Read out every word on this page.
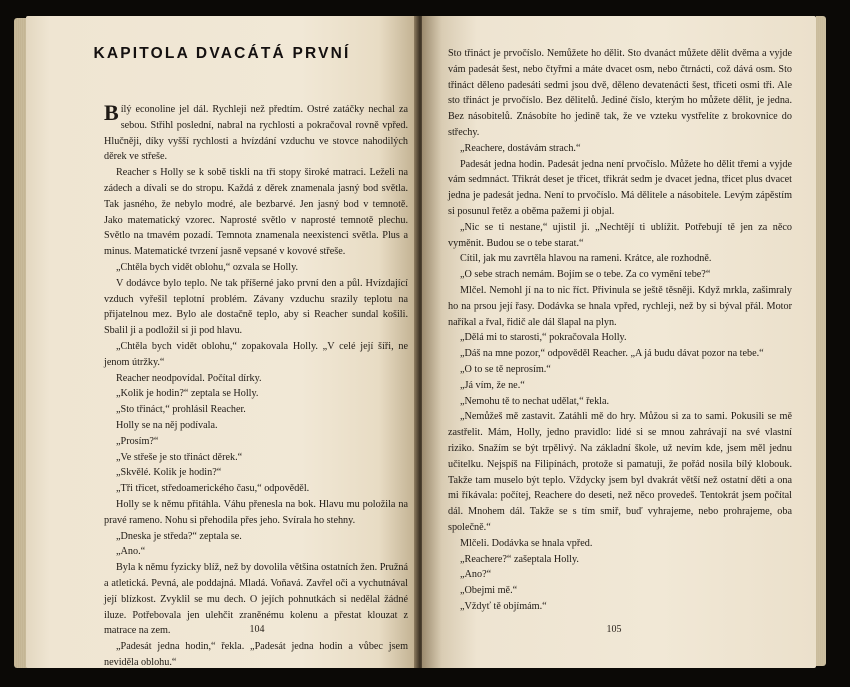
KAPITOLA DVACÁTÁ PRVNÍ

Bílý econoline jel dál. Rychleji než předtím. Ostré zatáčky nechal za sebou. Střihl poslední, nabral na rychlosti a pokračoval rovně vpřed. Hlučněji, díky vyšší rychlosti a hvízdání vzduchu ve stovce nahodilých děrek ve střeše.

Reacher s Holly se k sobě tiskli na tři stopy široké matraci. Leželi na zádech a dívali se do stropu. Každá z děrek znamenala jasný bod světla. Tak jasného, že nebylo modré, ale bezbarvé. Jen jasný bod v temnotě. Jako matematický vzorec. Naprosté světlo v naprosté temnotě plechu. Světlo na tmavém pozadí. Temnota znamenala neexistenci světla. Plus a minus. Matematické tvrzení jasně vepsané v kovové střeše.

„Chtěla bych vidět oblohu,“ ozvala se Holly.

V dodávce bylo teplo. Ne tak příšerné jako první den a půl. Hvízdající vzduch vyřešil teplotní problém. Závany vzduchu srazily teplotu na přijatelnou mez. Bylo ale dostačně teplo, aby si Reacher sundal košili. Sbalil ji a podložil si ji pod hlavu.

„Chtěla bych vidět oblohu,“ zopakovala Holly. „V celé její šíři, ne jenom útržky.“

Reacher neodpovídal. Počítal dírky.

„Kolik je hodin?“ zeptala se Holly.

„Sto třináct,“ prohlásil Reacher.

Holly se na něj podívala.

„Prosím?“

„Ve střeše je sto třináct děrek.“

„Skvělé. Kolik je hodin?“

„Tři třicet, středoamerického času,“ odpověděl.

Holly se k němu přitáhla. Váhu přenesla na bok. Hlavu mu položila na pravé rameno. Nohu si přehodila přes jeho. Svírala ho stehny.

„Dneska je středa?“ zeptala se.

„Ano.“

Byla k němu fyzicky blíž, než by dovolila většina ostatních žen. Pružná a atletická. Pevná, ale poddajná. Mladá. Voňavá. Zavřel oči a vychutnával její blízkost. Zvyklil se mu dech. O jejích pohnutkách si nedělal žádné iluze. Potřebovala jen ulehčit zraněnému kolenu a přestat klouzat z matrace na zem.

„Padesát jedna hodin,“ řekla. „Padesát jedna hodin a vůbec jsem neviděla oblohu.“

104

Sto třináct je prvočíslo. Nemůžete ho dělit. Sto dvanáct můžete dělit dvěma a vyjde vám padesát šest, nebo čtyřmi a máte dvacet osm, nebo čtrnácti, což dává osm. Sto třináct děleno padesáti sedmi jsou dvě, děleno devatenácti šest, třiceti osmi tři. Ale sto třináct je prvočíslo. Bez dělitelů. Jediné číslo, kterým ho můžete dělit, je jedna. Bez násobitelů. Znásobíte ho jedině tak, že ve vzteku vystřelíte z brokovnice do střechy.

„Reachere, dostávám strach.“

Padesát jedna hodin. Padesát jedna není prvočíslo. Můžete ho dělit třemi a vyjde vám sedmnáct. Třikrát deset je třicet, třikrát sedm je dvacet jedna, třicet plus dvacet jedna je padesát jedna. Není to prvočíslo. Má dělitele a násobitele. Levým zápěstím si posunul řetěz a oběma pažemi ji objal.

„Nic se ti nestane,“ ujistil ji. „Nechtějí ti ublížit. Potřebují tě jen za něco vyměnit. Budou se o tebe starat.“

Cítil, jak mu zavrtěla hlavou na rameni. Krátce, ale rozhodně.

„O sebe strach nemám. Bojím se o tebe. Za co vymění tebe?“

Mlčel. Nemohl jí na to nic říct. Přivinula se ještě těsněji. Když mrkla, zašimraly ho na prsou její řasy. Dodávka se hnala vpřed, rychleji, než by si býval přál. Motor naříkal a řval, řidič ale dál šlapal na plyn.

„Dělá mi to starosti,“ pokračovala Holly.

„Dáš na mne pozor,“ odpověděl Reacher. „A já budu dávat pozor na tebe.“

„O to se tě neprosím.“

„Já vím, že ne.“

„Nemohu tě to nechat udělat,“ řekla.

„Nemůžeš mě zastavit. Zatáhli mě do hry. Můžou si za to sami. Pokusili se mě zastřelit. Mám, Holly, jedno pravidlo: lidé si se mnou zahrávají na své vlastní riziko. Snažím se být trpělivý. Na základní škole, už nevím kde, jsem měl jednu učitelku. Nejspíš na Filipínách, protože si pamatuji, že pořád nosila bílý klobouk. Takže tam muselo být teplo. Vždycky jsem byl dvakrát větší než ostatní děti a ona mi říkávala: počítej, Reachere do deseti, než něco provedeš. Tentokrát jsem počítal dál. Mnohem dál. Takže se s tím smiř, buď vyhrajeme, nebo prohrajeme, oba společně.“

Mlčeli. Dodávka se hnala vpřed.

„Reachere?“ zašeptala Holly.

„Ano?“

„Obejmi mě.“

„Vždyť tě objímám.“

105
